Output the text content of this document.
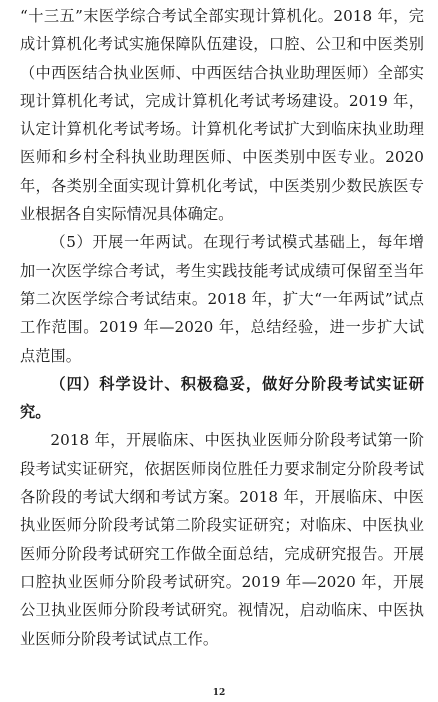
“十三五”末医学综合考试全部实现计算机化。2018 年，完成计算机化考试实施保障队伍建设，口腔、公卫和中医类别（中西医结合执业医师、中西医结合执业助理医师）全部实现计算机化考试，完成计算机化考试考场建设。2019 年，认定计算机化考试考场。计算机化考试扩大到临床执业助理医师和乡村全科执业助理医师、中医类别中医专业。2020 年，各类别全面实现计算机化考试，中医类别少数民族医专业根据各自实际情况具体确定。

（5）开展一年两试。在现行考试模式基础上，每年增加一次医学综合考试，考生实践技能考试成绩可保留至当年第二次医学综合考试结束。2018 年，扩大“一年两试”试点工作范围。2019 年—2020 年，总结经验，进一步扩大试点范围。

（四）科学设计、积极稳妥，做好分阶段考试实证研究。

2018 年，开展临床、中医执业医师分阶段考试第一阶段考试实证研究，依据医师岗位胜任力要求制定分阶段考试各阶段的考试大纲和考试方案。2018 年，开展临床、中医执业医师分阶段考试第二阶段实证研究；对临床、中医执业医师分阶段考试研究工作做全面总结，完成研究报告。开展口腔执业医师分阶段考试研究。2019 年—2020 年，开展公卫执业医师分阶段考试研究。视情况，启动临床、中医执业医师分阶段考试试点工作。

12
